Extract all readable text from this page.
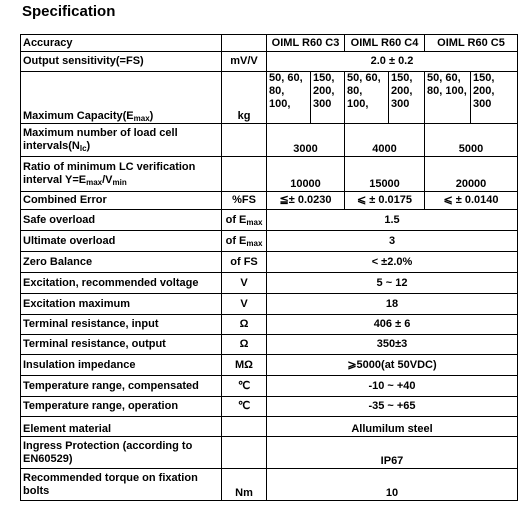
Specification
Accuracy		OIML R60 C3		OIML R60 C4		OIML R60 C5	
Output sensitivity(=FS)	mV/V	2.0 ± 0.2					
Maximum Capacity(Emax)	kg	50, 60, 80, 100,	150, 200, 300	50, 60, 80, 100,	150, 200, 300	50, 60, 80, 100,	150, 200, 300
Maximum number of load cell intervals(Nlc)		3000		4000		5000	
Ratio of minimum LC verification interval Y=Emax/Vmin		10000		15000		20000	
Combined Error	%FS	≦± 0.0230		⩽ ± 0.0175		⩽ ± 0.0140	
Safe overload	of Emax	1.5					
Ultimate overload	of Emax	3					
Zero Balance	of FS	< ±2.0%					
Excitation, recommended voltage	V	5 ~ 12					
Excitation maximum	V	18					
Terminal resistance, input	Ω	406 ± 6					
Terminal resistance, output	Ω	350±3					
Insulation impedance	MΩ	⩾5000(at 50VDC)					
Temperature range, compensated	℃	-10 ~ +40					
Temperature range, operation	℃	-35 ~ +65					
Element material		Allumilum steel					
Ingress Protection (according to EN60529)		IP67					
Recommended torque on fixation bolts	Nm	10					
